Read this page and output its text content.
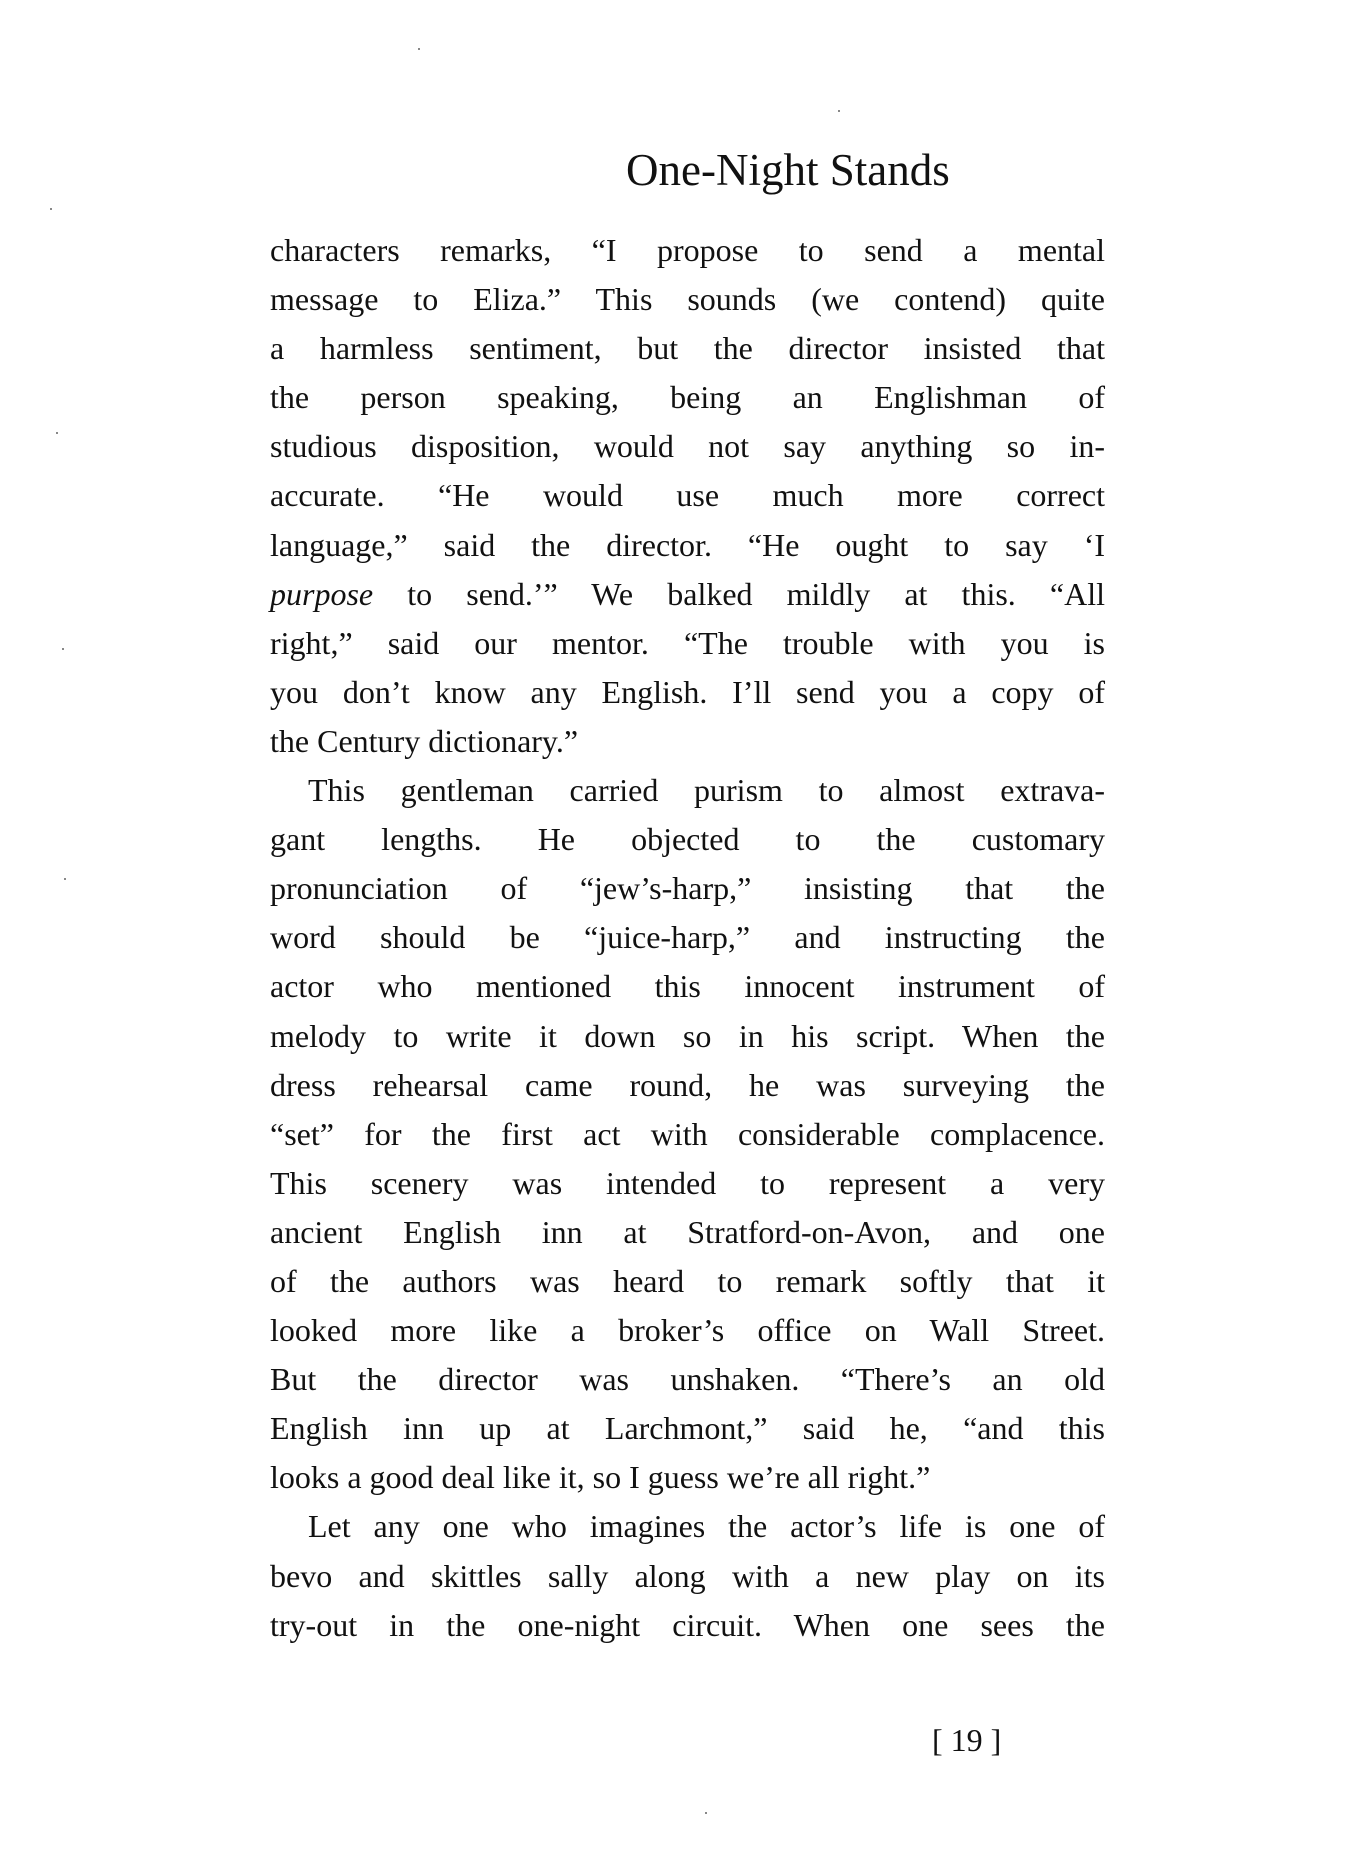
One-Night Stands

characters remarks, “I propose to send a mental
message to Eliza.” This sounds (we contend) quite
a harmless sentiment, but the director insisted that
the person speaking, being an Englishman of
studious disposition, would not say anything so in-
accurate. “He would use much more correct
language,” said the director. “He ought to say ‘I
purpose to send.’” We balked mildly at this. “All
right,” said our mentor. “The trouble with you is
you don’t know any English. I’ll send you a copy of
the Century dictionary.”

This gentleman carried purism to almost extrava-
gant lengths. He objected to the customary
pronunciation of “jew’s-harp,” insisting that the
word should be “juice-harp,” and instructing the
actor who mentioned this innocent instrument of
melody to write it down so in his script. When the
dress rehearsal came round, he was surveying the
“set” for the first act with considerable complacence.
This scenery was intended to represent a very
ancient English inn at Stratford-on-Avon, and one
of the authors was heard to remark softly that it
looked more like a broker’s office on Wall Street.
But the director was unshaken. “There’s an old
English inn up at Larchmont,” said he, “and this
looks a good deal like it, so I guess we’re all right.”

Let any one who imagines the actor’s life is one of
bevo and skittles sally along with a new play on its
try-out in the one-night circuit. When one sees the

[ 19 ]
